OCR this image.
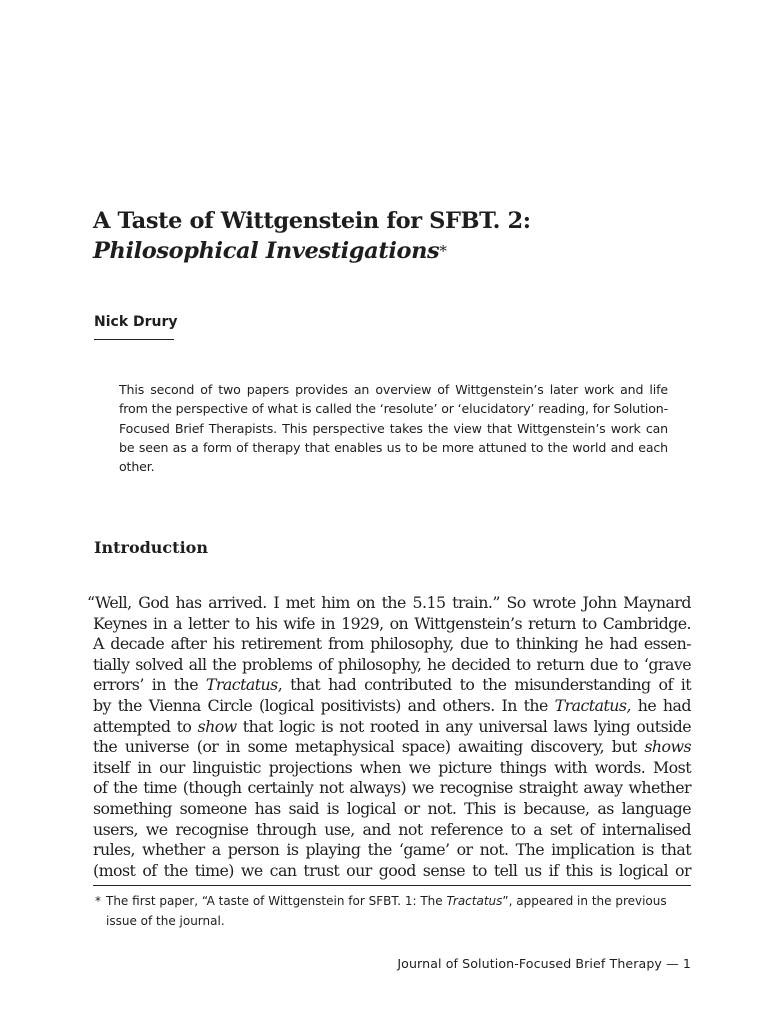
A Taste of Wittgenstein for SFBT. 2: Philosophical Investigations*
Nick Drury

This second of two papers provides an overview of Wittgenstein’s later work and life from the perspective of what is called the ‘resolute’ or ‘elucidatory’ reading, for Solution-Focused Brief Therapists. This perspective takes the view that Wittgenstein’s work can be seen as a form of therapy that enables us to be more attuned to the world and each other.

Introduction
“Well, God has arrived. I met him on the 5.15 train.” So wrote John Maynard
Keynes in a letter to his wife in 1929, on Wittgenstein’s return to Cambridge.
A decade after his retirement from philosophy, due to thinking he had essen-
tially solved all the problems of philosophy, he decided to return due to ‘grave
errors’ in the Tractatus, that had contributed to the misunderstanding of it
by the Vienna Circle (logical positivists) and others. In the Tractatus, he had
attempted to show that logic is not rooted in any universal laws lying outside
the universe (or in some metaphysical space) awaiting discovery, but shows
itself in our linguistic projections when we picture things with words. Most
of the time (though certainly not always) we recognise straight away whether
something someone has said is logical or not. This is because, as language
users, we recognise through use, and not reference to a set of internalised
rules, whether a person is playing the ‘game’ or not. The implication is that
(most of the time) we can trust our good sense to tell us if this is logical or
* The first paper, “A taste of Wittgenstein for SFBT. 1: The Tractatus”, appeared in the previous issue of the journal.
Journal of Solution-Focused Brief Therapy — 1
